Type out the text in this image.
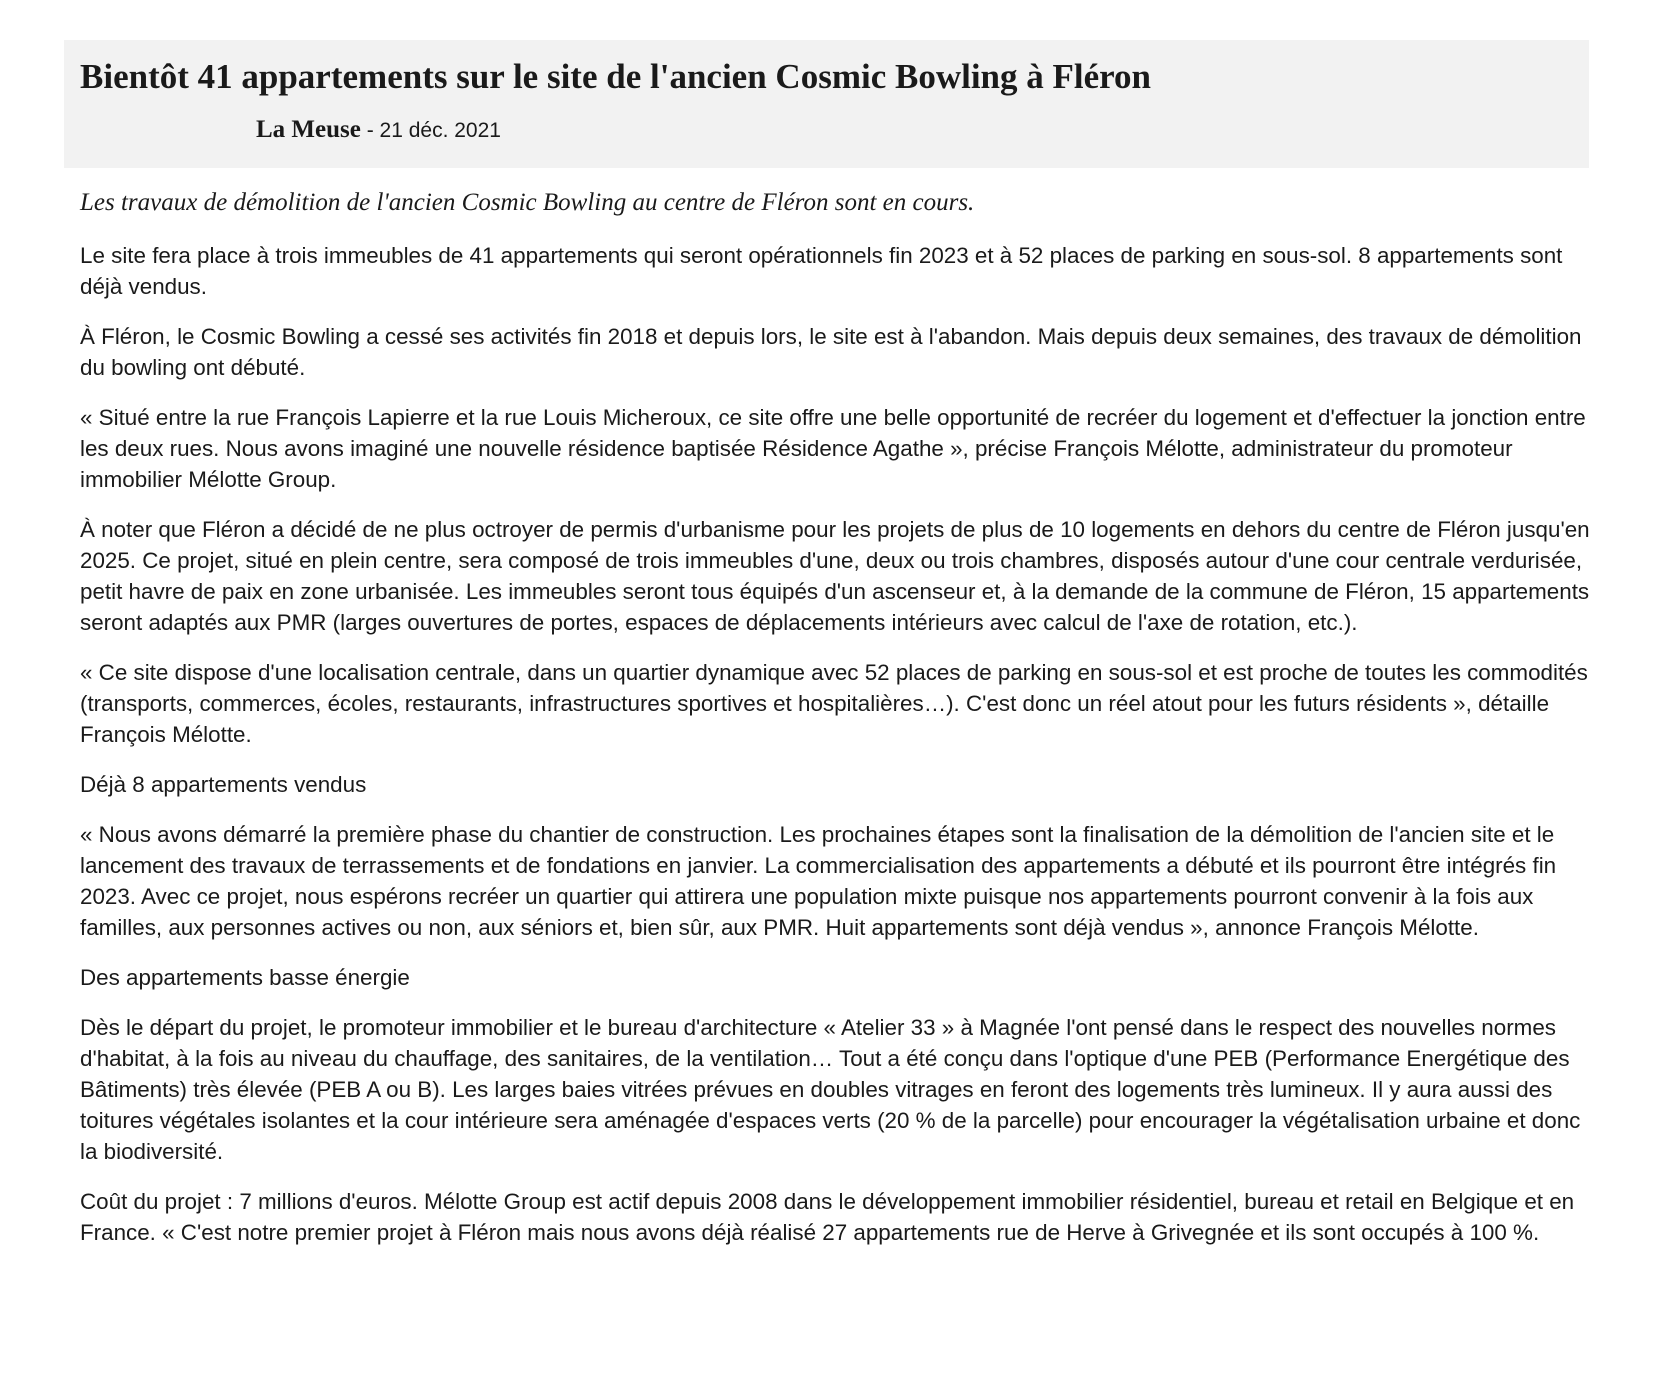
Bientôt 41 appartements sur le site de l'ancien Cosmic Bowling à Fléron
La Meuse - 21 déc. 2021

Les travaux de démolition de l'ancien Cosmic Bowling au centre de Fléron sont en cours.

Le site fera place à trois immeubles de 41 appartements qui seront opérationnels fin 2023 et à 52 places de parking en sous-sol. 8 appartements sont déjà vendus.

À Fléron, le Cosmic Bowling a cessé ses activités fin 2018 et depuis lors, le site est à l'abandon. Mais depuis deux semaines, des travaux de démolition du bowling ont débuté.

« Situé entre la rue François Lapierre et la rue Louis Micheroux, ce site offre une belle opportunité de recréer du logement et d'effectuer la jonction entre les deux rues. Nous avons imaginé une nouvelle résidence baptisée Résidence Agathe », précise François Mélotte, administrateur du promoteur immobilier Mélotte Group.

À noter que Fléron a décidé de ne plus octroyer de permis d'urbanisme pour les projets de plus de 10 logements en dehors du centre de Fléron jusqu'en 2025. Ce projet, situé en plein centre, sera composé de trois immeubles d'une, deux ou trois chambres, disposés autour d'une cour centrale verdurisée, petit havre de paix en zone urbanisée. Les immeubles seront tous équipés d'un ascenseur et, à la demande de la commune de Fléron, 15 appartements seront adaptés aux PMR (larges ouvertures de portes, espaces de déplacements intérieurs avec calcul de l'axe de rotation, etc.).

« Ce site dispose d'une localisation centrale, dans un quartier dynamique avec 52 places de parking en sous-sol et est proche de toutes les commodités (transports, commerces, écoles, restaurants, infrastructures sportives et hospitalières…). C'est donc un réel atout pour les futurs résidents », détaille François Mélotte.

Déjà 8 appartements vendus

« Nous avons démarré la première phase du chantier de construction. Les prochaines étapes sont la finalisation de la démolition de l'ancien site et le lancement des travaux de terrassements et de fondations en janvier. La commercialisation des appartements a débuté et ils pourront être intégrés fin 2023. Avec ce projet, nous espérons recréer un quartier qui attirera une population mixte puisque nos appartements pourront convenir à la fois aux familles, aux personnes actives ou non, aux séniors et, bien sûr, aux PMR. Huit appartements sont déjà vendus », annonce François Mélotte.

Des appartements basse énergie

Dès le départ du projet, le promoteur immobilier et le bureau d'architecture « Atelier 33 » à Magnée l'ont pensé dans le respect des nouvelles normes d'habitat, à la fois au niveau du chauffage, des sanitaires, de la ventilation… Tout a été conçu dans l'optique d'une PEB (Performance Energétique des Bâtiments) très élevée (PEB A ou B). Les larges baies vitrées prévues en doubles vitrages en feront des logements très lumineux. Il y aura aussi des toitures végétales isolantes et la cour intérieure sera aménagée d'espaces verts (20 % de la parcelle) pour encourager la végétalisation urbaine et donc la biodiversité.

Coût du projet : 7 millions d'euros. Mélotte Group est actif depuis 2008 dans le développement immobilier résidentiel, bureau et retail en Belgique et en France. « C'est notre premier projet à Fléron mais nous avons déjà réalisé 27 appartements rue de Herve à Grivegnée et ils sont occupés à 100 %.
